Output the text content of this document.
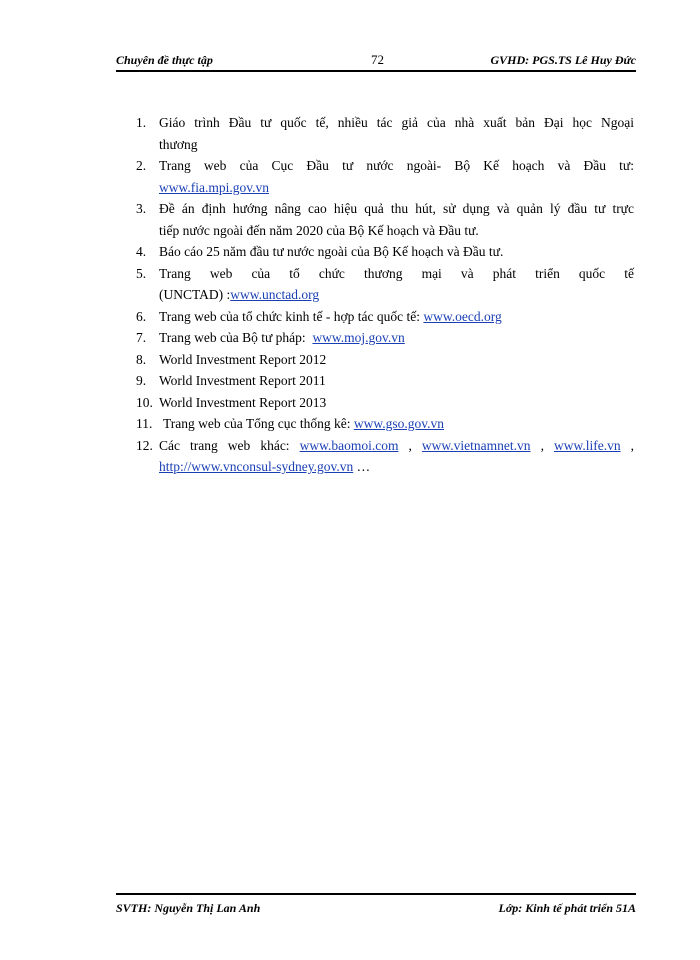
Chuyên đề thực tập	72	GVHD: PGS.TS Lê Huy Đức
1. Giáo trình Đầu tư quốc tế, nhiều tác giả của nhà xuất bản Đại học Ngoại
thương
2. Trang web của Cục Đầu tư nước ngoài- Bộ Kế hoạch và Đầu tư:
www.fia.mpi.gov.vn
3. Đề án định hướng nâng cao hiệu quả thu hút, sử dụng và quản lý đầu tư trực
tiếp nước ngoài đến năm 2020 của Bộ Kế hoạch và Đầu tư.
4. Báo cáo 25 năm đầu tư nước ngoài của Bộ Kế hoạch và Đầu tư.
5. Trang web của tổ chức thương mại và phát triển quốc tế
(UNCTAD) :www.unctad.org
6. Trang web của tổ chức kinh tế - hợp tác quốc tế: www.oecd.org
7. Trang web của Bộ tư pháp: www.moj.gov.vn
8. World Investment Report 2012
9. World Investment Report 2011
10. World Investment Report 2013
11. Trang web của Tổng cục thống kê: www.gso.gov.vn
12. Các trang web khác: www.baomoi.com , www.vietnamnet.vn , www.life.vn ,
http://www.vnconsul-sydney.gov.vn …
SVTH: Nguyễn Thị Lan Anh	Lớp: Kinh tế phát triển 51A
